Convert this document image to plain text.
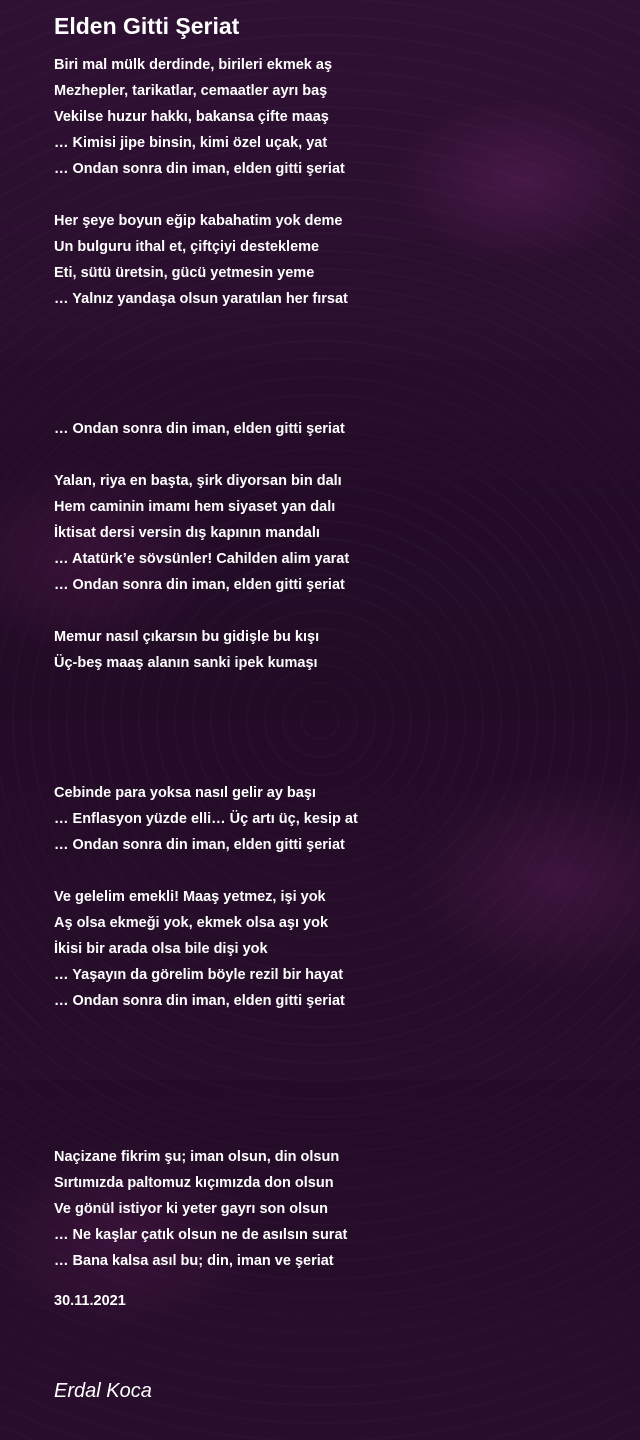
Elden Gitti Şeriat
Biri mal mülk derdinde, birileri ekmek aş
Mezhepler, tarikatlar, cemaatler ayrı baş
Vekilse huzur hakkı, bakansa çifte maaş
… Kimisi jipe binsin, kimi özel uçak, yat
… Ondan sonra din iman, elden gitti şeriat
Her şeye boyun eğip kabahatim yok deme
Un bulguru ithal et, çiftçiyi destekleme
Eti, sütü üretsin, gücü yetmesin yeme
… Yalnız yandaşa olsun yaratılan her fırsat
… Ondan sonra din iman, elden gitti şeriat
Yalan, riya en başta, şirk diyorsan bin dalı
Hem caminin imamı hem siyaset yan dalı
İktisat dersi versin dış kapının mandalı
… Atatürk’e sövsünler! Cahilden alim yarat
… Ondan sonra din iman, elden gitti şeriat
Memur nasıl çıkarsın bu gidişle bu kışı
Üç-beş maaş alanın sanki ipek kumaşı
Cebinde para yoksa nasıl gelir ay başı
… Enflasyon yüzde elli… Üç artı üç, kesip at
… Ondan sonra din iman, elden gitti şeriat
Ve gelelim emekli! Maaş yetmez, işi yok
Aş olsa ekmeği yok, ekmek olsa aşı yok
İkisi bir arada olsa bile dişi yok
… Yaşayın da görelim böyle rezil bir hayat
… Ondan sonra din iman, elden gitti şeriat
Naçizane fikrim şu; iman olsun, din olsun
Sırtımızda paltomuz kıçımızda don olsun
Ve gönül istiyor ki yeter gayrı son olsun
… Ne kaşlar çatık olsun ne de asılsın surat
… Bana kalsa asıl bu; din, iman ve şeriat
30.11.2021
Erdal Koca
